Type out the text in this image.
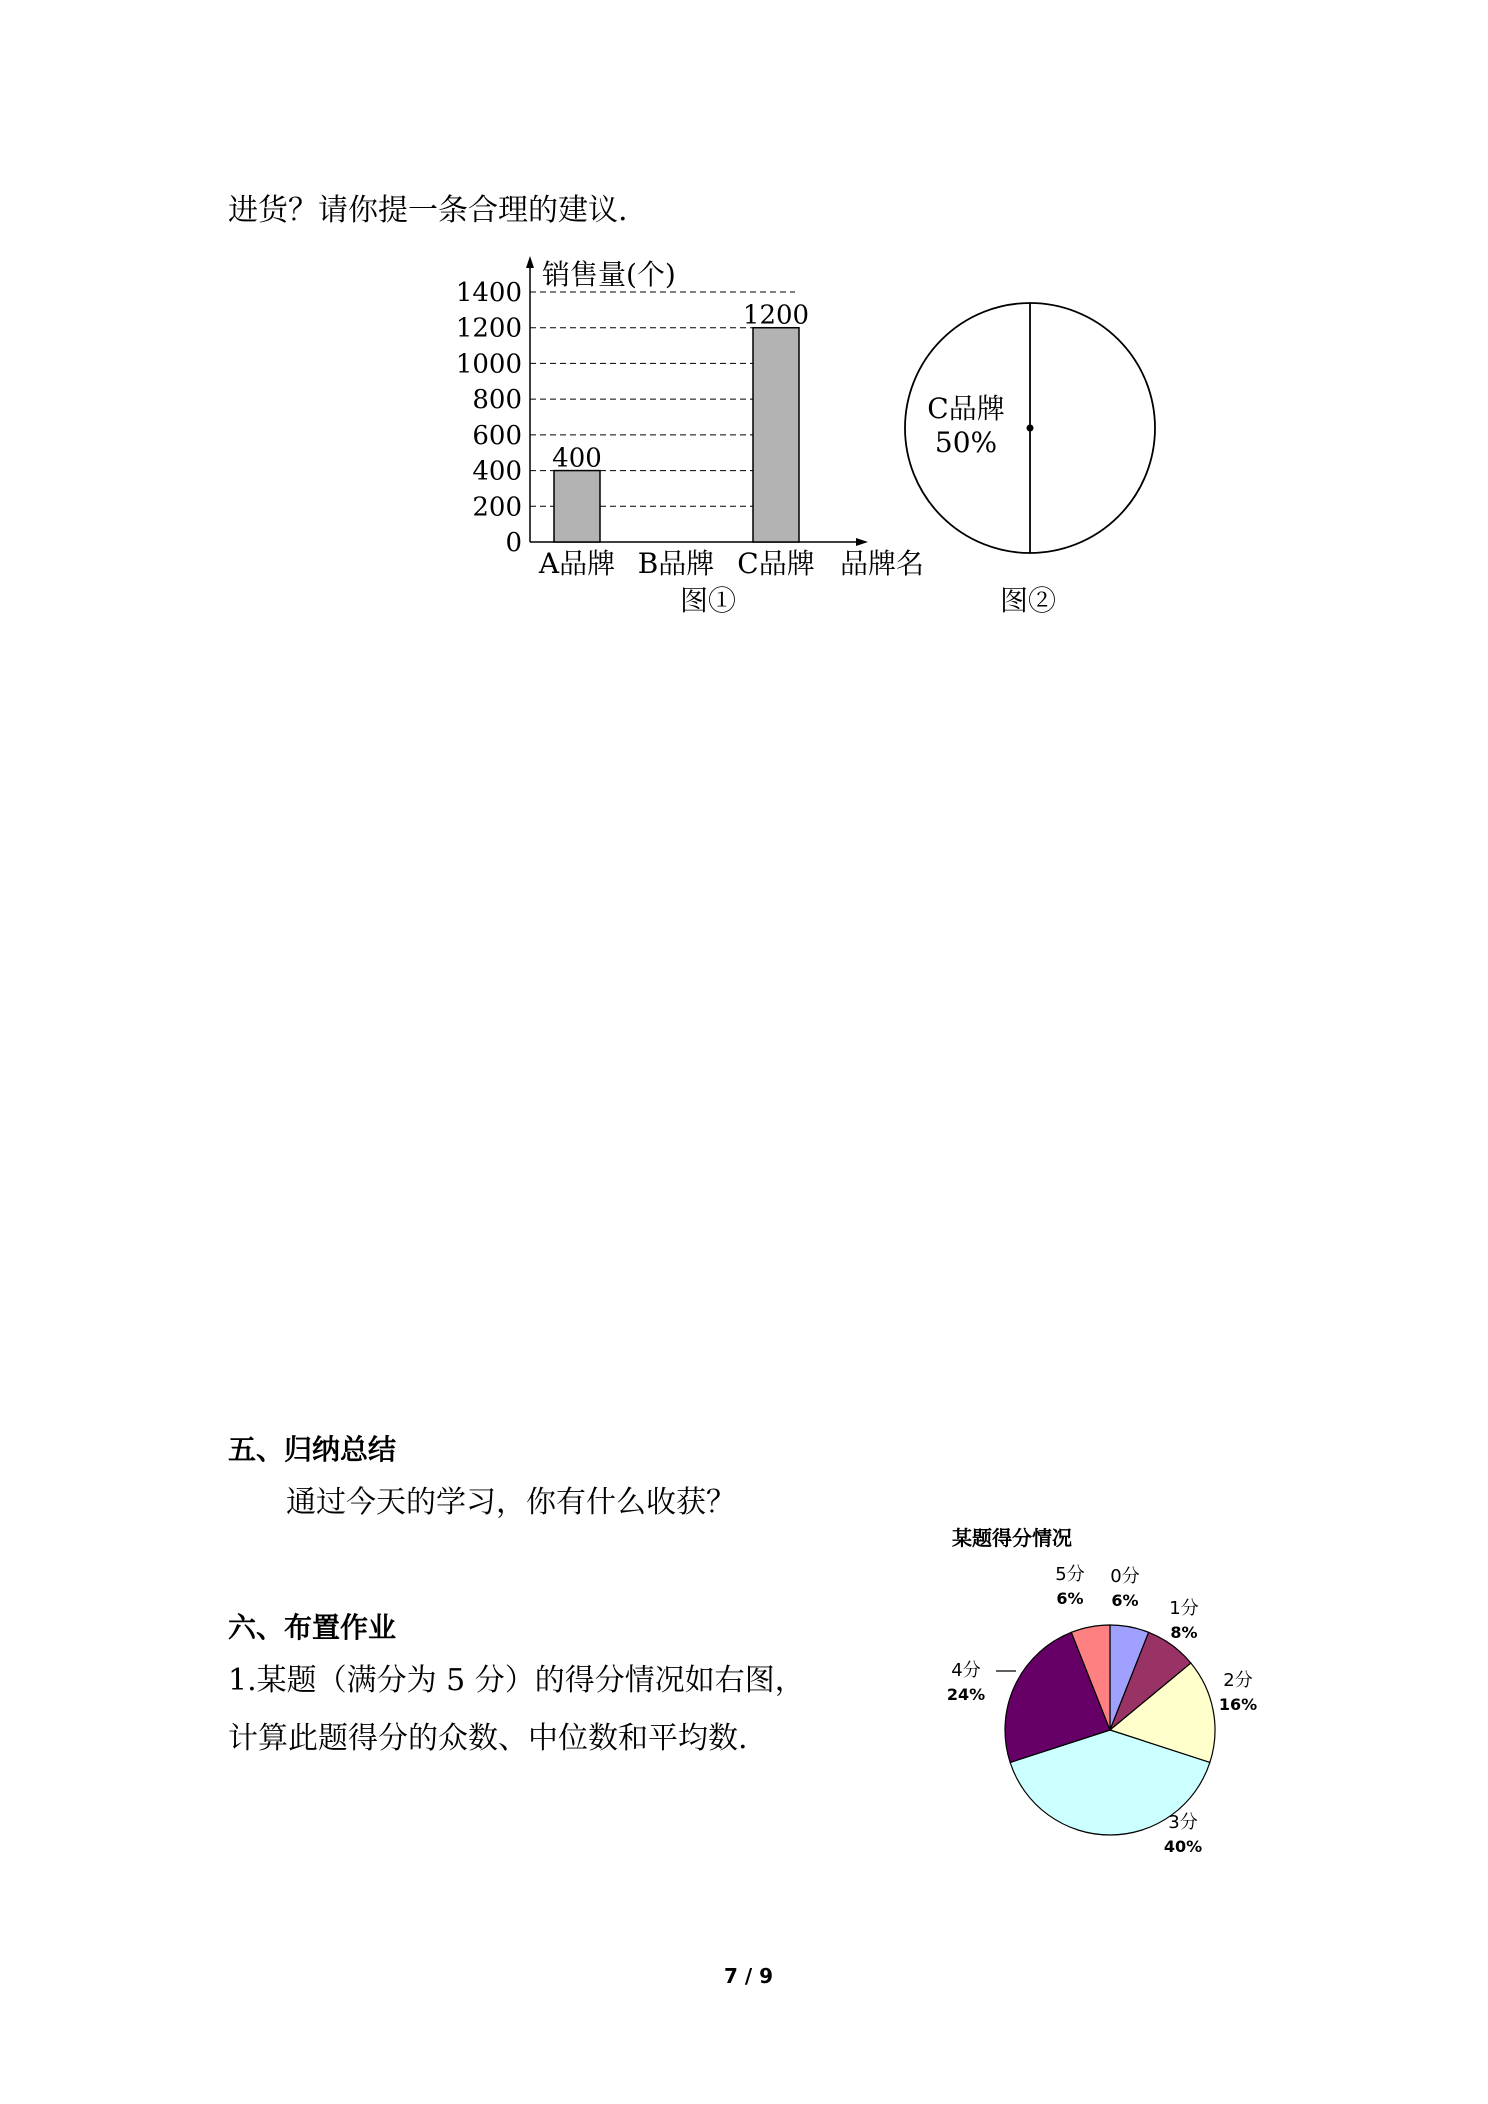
进货？请你提一条合理的建议.
0
200
400
600
800
1000
1200
1400
400
1200
A品牌 B品牌 C品牌
销售量(个)
品牌名
图①
C品牌
50%
图②
五、归纳总结
通过今天的学习，你有什么收获？
六、布置作业
1.某题（满分为 5 分）的得分情况如右图，
计算此题得分的众数、中位数和平均数.
某题得分情况
0分
6% 1分
8%
2分
16%
3分
40%
4分
24%
5分
6%
7 / 9
